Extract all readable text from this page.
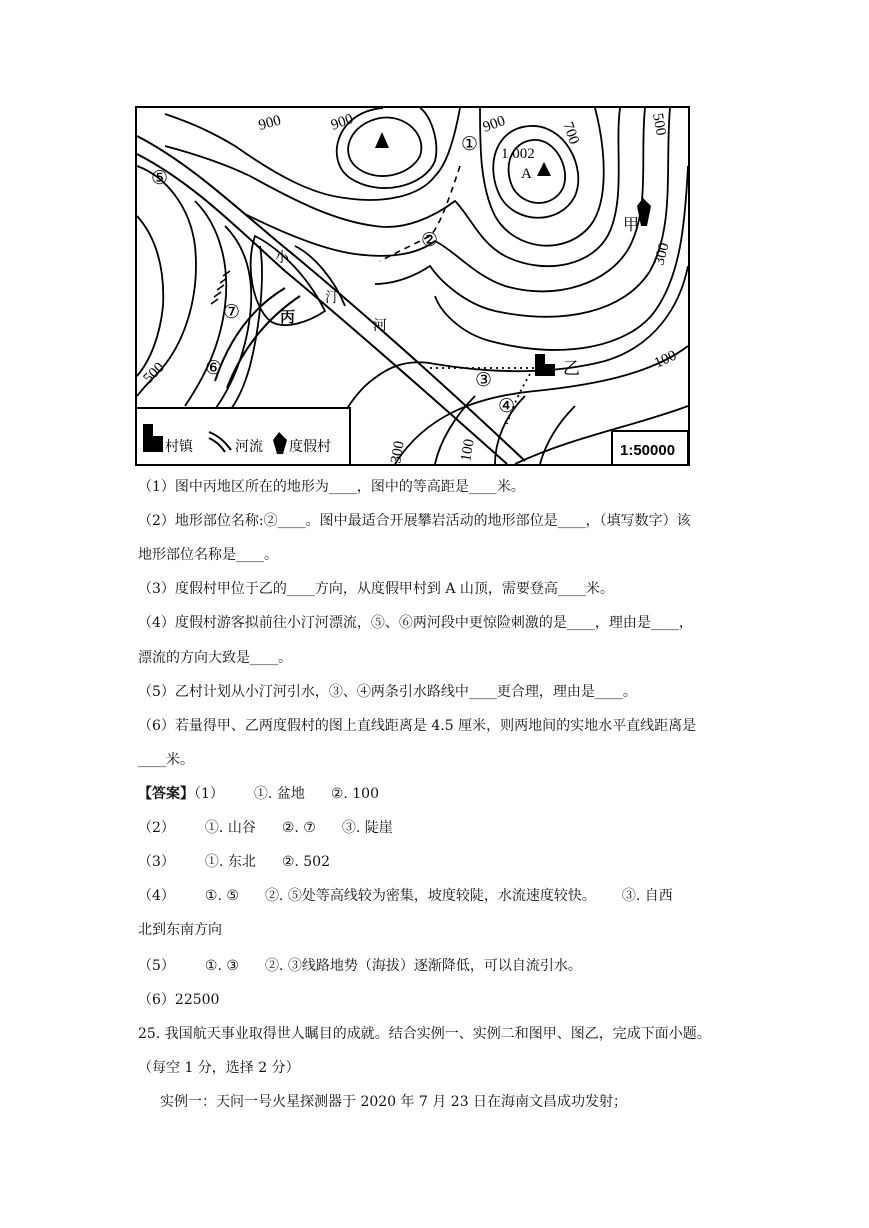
900	900	900	700	500
300
100
500
300	100
1 002
A
甲
乙
丙
小
汀
河
①
②
③
④
⑤
⑥
⑦
村镇	河流 度假村	1:50000
（1）图中丙地区所在的地形为____，图中的等高距是____米。
（2）地形部位名称:②____。图中最适合开展攀岩活动的地形部位是____，（填写数字）该
地形部位名称是____。
（3）度假村甲位于乙的____方向，从度假甲村到 A 山顶，需要登高____米。
（4）度假村游客拟前往小汀河漂流，⑤、⑥两河段中更惊险刺激的是____，理由是____，
漂流的方向大致是____。
（5）乙村计划从小汀河引水，③、④两条引水路线中____更合理，理由是____。
（6）若量得甲、乙两度假村的图上直线距离是 4.5 厘米，则两地间的实地水平直线距离是
____米。
【答案】（1） ①. 盆地 ②. 100
（2） ①. 山谷 ②. ⑦ ③. 陡崖
（3） ①. 东北 ②. 502
（4） ①. ⑤ ②. ⑤处等高线较为密集，坡度较陡，水流速度较快。 ③. 自西
北到东南方向
（5） ①. ③ ②. ③线路地势（海拔）逐渐降低，可以自流引水。
（6）22500
25. 我国航天事业取得世人瞩目的成就。结合实例一、实例二和图甲、图乙，完成下面小题。
（每空 1 分，选择 2 分）
实例一：天问一号火星探测器于 2020 年 7 月 23 日在海南文昌成功发射；
